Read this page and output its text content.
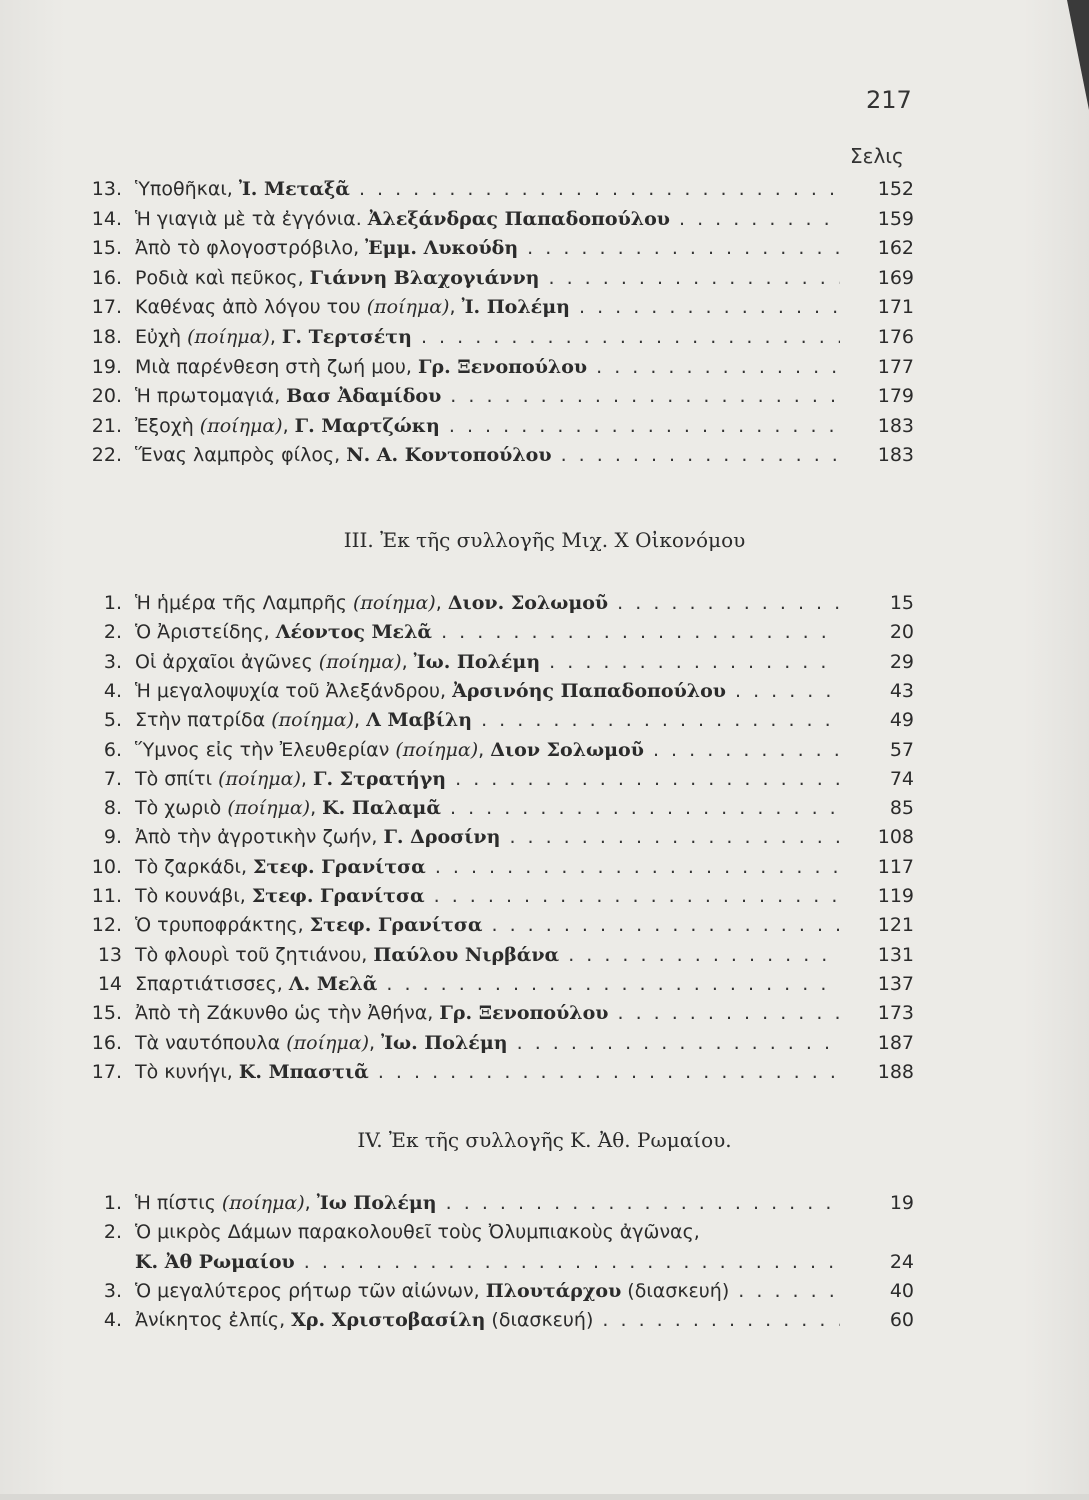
217
Σελις
13. Ὑποθῆκαι, Ἰ. Μεταξᾶ . . .	152
14. Ἡ γιαγιὰ μὲ τὰ ἐγγόνια. Ἀλεξάνδρας Παπαδοπούλου . . .	159
15. Ἀπὸ τὸ φλογοστρόβιλο, Ἐμμ. Λυκούδη . . .	162
16. Ροδιὰ καὶ πεῦκος, Γιάννη Βλαχογιάννη . . .	169
17. Καθένας ἀπὸ λόγου του (ποίημα), Ἰ. Πολέμη . . .	171
18. Εὐχὴ (ποίημα), Γ. Τερτσέτη . . .	176
19. Μιὰ παρένθεση στὴ ζωή μου, Γρ. Ξενοπούλου . . .	177
20. Ἡ πρωτομαγιά, Βασ Ἀδαμίδου . . .	179
21. Ἐξοχὴ (ποίημα), Γ. Μαρτζώκη . . .	183
22. Ἕνας λαμπρὸς φίλος, Ν. Α. Κοντοπούλου . . .	183
ΙΙΙ. Ἐκ τῆς συλλογῆς Μιχ. Χ Οἰκονόμου
1. Ἡ ἡμέρα τῆς Λαμπρῆς (ποίημα), Διον. Σολωμοῦ . . .	15
2. Ὁ Ἀριστείδης, Λέοντος Μελᾶ . . .	20
3. Οἱ ἀρχαῖοι ἀγῶνες (ποίημα), Ἰω. Πολέμη . . .	29
4. Ἡ μεγαλοψυχία τοῦ Ἀλεξάνδρου, Ἀρσινόης Παπαδοπούλου . . .	43
5. Στὴν πατρίδα (ποίημα), Λ Μαβίλη . . .	49
6. Ὕμνος εἰς τὴν Ἐλευθερίαν (ποίημα), Διον Σολωμοῦ . . .	57
7. Τὸ σπίτι (ποίημα), Γ. Στρατήγη . . .	74
8. Τὸ χωριὸ (ποίημα), Κ. Παλαμᾶ . . .	85
9. Ἀπὸ τὴν ἀγροτικὴν ζωήν, Γ. Δροσίνη . . .	108
10. Τὸ ζαρκάδι, Στεφ. Γρανίτσα . . .	117
11. Τὸ κουνάβι, Στεφ. Γρανίτσα . . .	119
12. Ὁ τρυποφράκτης, Στεφ. Γρανίτσα . . .	121
13 Τὸ φλουρὶ τοῦ ζητιάνου, Παύλου Νιρβάνα . . .	131
14 Σπαρτιάτισσες, Λ. Μελᾶ . . .	137
15. Ἀπὸ τὴ Ζάκυνθο ὡς τὴν Ἀθήνα, Γρ. Ξενοπούλου . . .	173
16. Τὰ ναυτόπουλα (ποίημα), Ἰω. Πολέμη . . .	187
17. Τὸ κυνήγι, Κ. Μπαστιᾶ . . .	188
IV. Ἐκ τῆς συλλογῆς Κ. Ἀθ. Ρωμαίου.
1. Ἡ πίστις (ποίημα), Ἰω Πολέμη . . .	19
2. Ὁ μικρὸς Δάμων παρακολουθεῖ τοὺς Ὀλυμπιακοὺς ἀγῶνας,
Κ. Ἀθ Ρωμαίου . . .	24
3. Ὁ μεγαλύτερος ρήτωρ τῶν αἰώνων, Πλουτάρχου (διασκευή) . . .	40
4. Ἀνίκητος ἐλπίς, Χρ. Χριστοβασίλη (διασκευή) . . .	60
